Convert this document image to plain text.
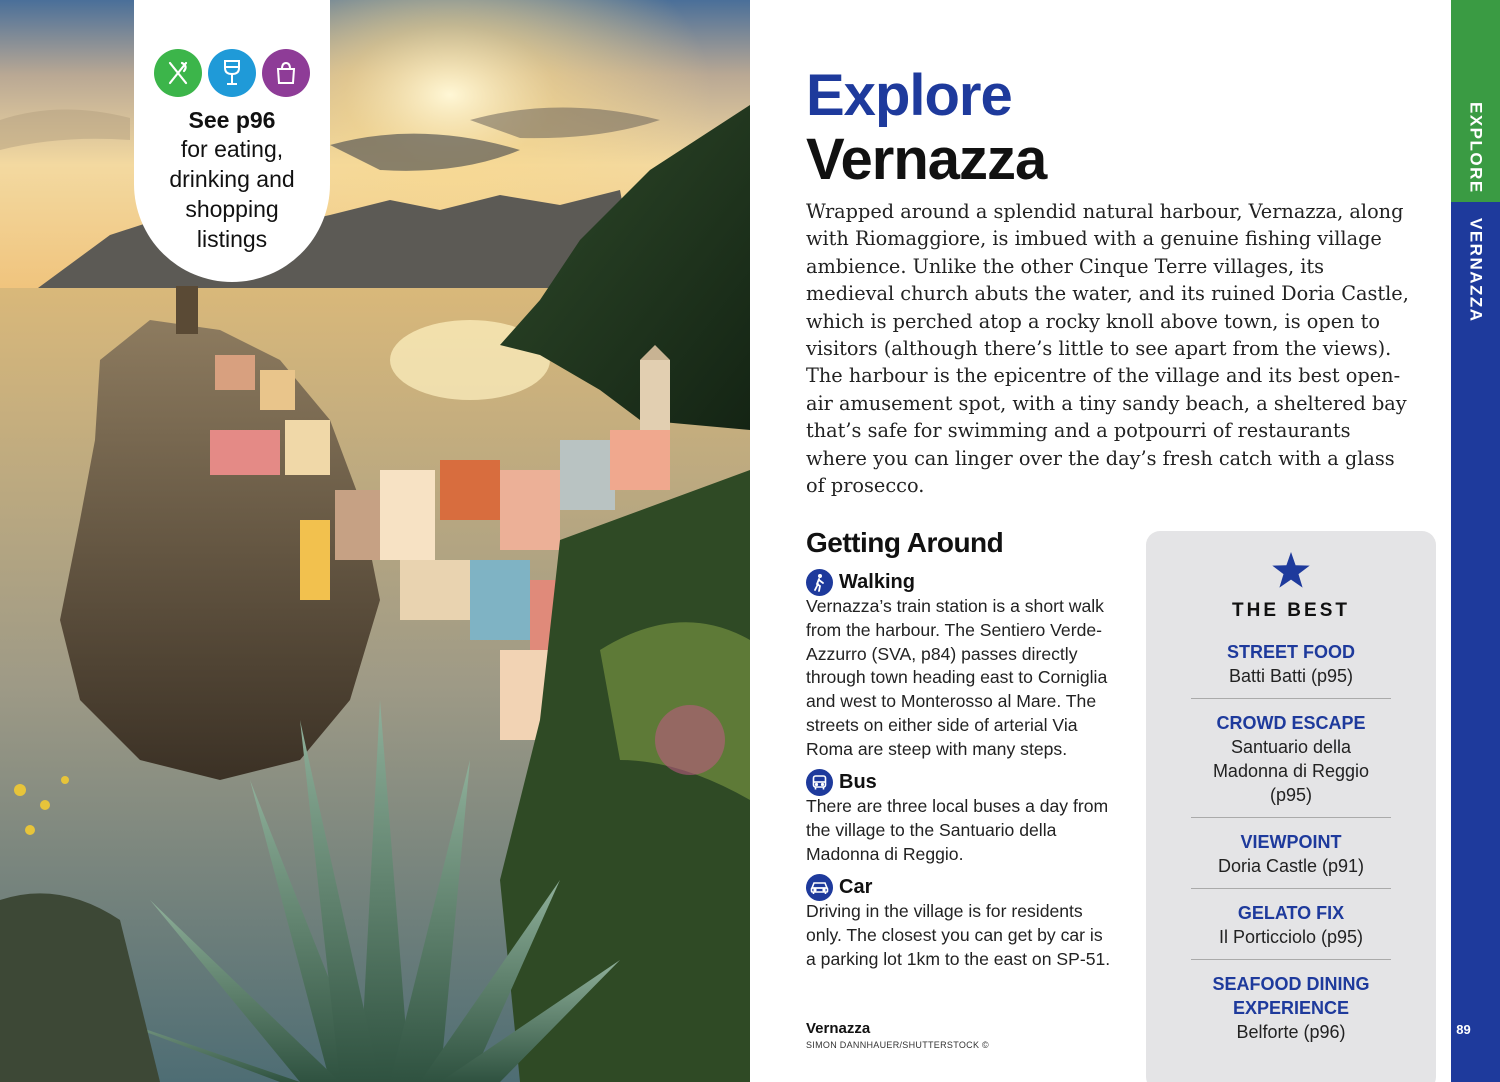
See p96
for eating,
drinking and
shopping
listings
Explore
Vernazza

Wrapped around a splendid natural harbour, Vernazza, along with Riomaggiore, is imbued with a genuine fishing village ambience. Unlike the other Cinque Terre villages, its medieval church abuts the water, and its ruined Doria Castle, which is perched atop a rocky knoll above town, is open to visitors (although there’s little to see apart from the views). The harbour is the epicentre of the village and its best open-air amusement spot, with a tiny sandy beach, a sheltered bay that’s safe for swimming and a potpourri of restaurants where you can linger over the day’s fresh catch with a glass of prosecco.

Getting Around
Walking
Vernazza’s train station is a short walk from the harbour. The Sentiero Verde-Azzurro (SVA, p84) passes directly through town heading east to Corniglia and west to Monterosso al Mare. The streets on either side of arterial Via Roma are steep with many steps.
Bus
There are three local buses a day from the village to the Santuario della Madonna di Reggio.
Car
Driving in the village is for residents only. The closest you can get by car is a parking lot 1km to the east on SP-51.
Vernazza
SIMON DANNHAUER/SHUTTERSTOCK ©
THE BEST
STREET FOOD
Batti Batti (p95)
CROWD ESCAPE
Santuario della Madonna di Reggio (p95)
VIEWPOINT
Doria Castle (p91)
GELATO FIX
Il Porticciolo (p95)
SEAFOOD DINING EXPERIENCE
Belforte (p96)
EXPLORE
VERNAZZA
89
